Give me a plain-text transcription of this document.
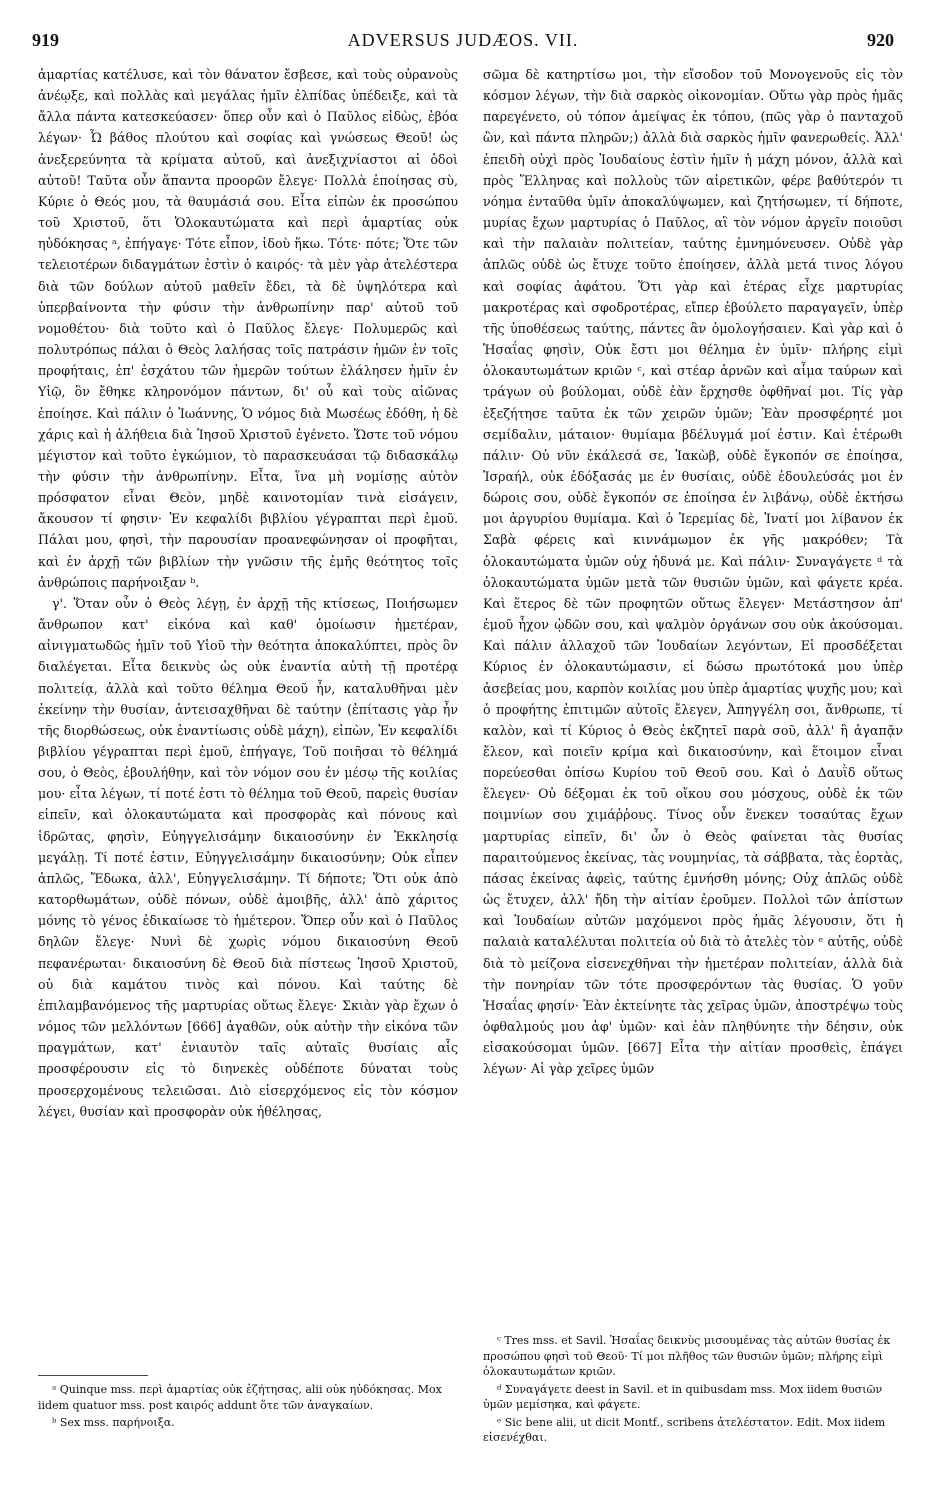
919	ADVERSUS JUDÆOS. VII.	920

ἁμαρτίας κατέλυσε, καὶ τὸν θάνατον ἔσβεσε, καὶ τοὺς οὐρανοὺς ἀνέῳξε, καὶ πολλὰς καὶ μεγάλας ἡμῖν ἐλπίδας ὑπέδειξε, καὶ τὰ ἄλλα πάντα κατεσκεύασεν· ὅπερ οὖν καὶ ὁ Παῦλος εἰδὼς, ἐβόα λέγων· Ὦ βάθος πλούτου καὶ σοφίας καὶ γνώσεως Θεοῦ! ὡς ἀνεξερεύνητα τὰ κρίματα αὐτοῦ, καὶ ἀνεξιχνίαστοι αἱ ὁδοὶ αὐτοῦ! Ταῦτα οὖν ἅπαντα προορῶν ἔλεγε· Πολλὰ ἐποίησας σὺ, Κύριε ὁ Θεός μου, τὰ θαυμάσιά σου. Εἶτα εἰπὼν ἐκ προσώπου τοῦ Χριστοῦ, ὅτι Ὁλοκαυτώματα καὶ περὶ ἁμαρτίας οὐκ ηὐδόκησας ᵃ, ἐπήγαγε· Τότε εἶπον, ἰδοὺ ἥκω. Τότε· πότε; Ὅτε τῶν τελειοτέρων διδαγμάτων ἐστὶν ὁ καιρός· τὰ μὲν γὰρ ἀτελέστερα διὰ τῶν δούλων αὐτοῦ μαθεῖν ἔδει, τὰ δὲ ὑψηλότερα καὶ ὑπερβαίνοντα τὴν φύσιν τὴν ἀνθρωπίνην παρ' αὐτοῦ τοῦ νομοθέτου· διὰ τοῦτο καὶ ὁ Παῦλος ἔλεγε· Πολυμερῶς καὶ πολυτρόπως πάλαι ὁ Θεὸς λαλήσας τοῖς πατράσιν ἡμῶν ἐν τοῖς προφήταις, ἐπ' ἐσχάτου τῶν ἡμερῶν τούτων ἐλάλησεν ἡμῖν ἐν Υἱῷ, ὃν ἔθηκε κληρονόμον πάντων, δι' οὗ καὶ τοὺς αἰῶνας ἐποίησε. Καὶ πάλιν ὁ Ἰωάννης, Ὁ νόμος διὰ Μωσέως ἐδόθη, ἡ δὲ χάρις καὶ ἡ ἀλήθεια διὰ Ἰησοῦ Χριστοῦ ἐγένετο. Ὥστε τοῦ νόμου μέγιστον καὶ τοῦτο ἐγκώμιον, τὸ παρασκευάσαι τῷ διδασκάλῳ τὴν φύσιν τὴν ἀνθρωπίνην. Εἶτα, ἵνα μὴ νομίσῃς αὐτὸν πρόσφατον εἶναι Θεὸν, μηδὲ καινοτομίαν τινὰ εἰσάγειν, ἄκουσον τί φησιν· Ἐν κεφαλίδι βιβλίου γέγραπται περὶ ἐμοῦ. Πάλαι μου, φησὶ, τὴν παρουσίαν προανεφώνησαν οἱ προφῆται, καὶ ἐν ἀρχῇ τῶν βιβλίων τὴν γνῶσιν τῆς ἐμῆς θεότητος τοῖς ἀνθρώποις παρήνοιξαν ᵇ.

γ'. Ὅταν οὖν ὁ Θεὸς λέγῃ, ἐν ἀρχῇ τῆς κτίσεως, Ποιήσωμεν ἄνθρωπον κατ' εἰκόνα καὶ καθ' ὁμοίωσιν ἡμετέραν, αἰνιγματωδῶς ἡμῖν τοῦ Υἱοῦ τὴν θεότητα ἀποκαλύπτει, πρὸς ὃν διαλέγεται. Εἶτα δεικνὺς ὡς οὐκ ἐναντία αὐτὴ τῇ προτέρᾳ πολιτείᾳ, ἀλλὰ καὶ τοῦτο θέλημα Θεοῦ ἦν, καταλυθῆναι μὲν ἐκείνην τὴν θυσίαν, ἀντεισαχθῆναι δὲ ταύτην (ἐπίτασις γὰρ ἦν τῆς διορθώσεως, οὐκ ἐναντίωσις οὐδὲ μάχη), εἰπὼν, Ἐν κεφαλίδι βιβλίου γέγραπται περὶ ἐμοῦ, ἐπήγαγε, Τοῦ ποιῆσαι τὸ θέλημά σου, ὁ Θεὸς, ἐβουλήθην, καὶ τὸν νόμον σου ἐν μέσῳ τῆς κοιλίας μου· εἶτα λέγων, τί ποτέ ἐστι τὸ θέλημα τοῦ Θεοῦ, παρεὶς θυσίαν εἰπεῖν, καὶ ὁλοκαυτώματα καὶ προσφορὰς καὶ πόνους καὶ ἱδρῶτας, φησὶν, Εὐηγγελισάμην δικαιοσύνην ἐν Ἐκκλησίᾳ μεγάλῃ. Τί ποτέ ἐστιν, Εὐηγγελισάμην δικαιοσύνην; Οὐκ εἶπεν ἁπλῶς, Ἔδωκα, ἀλλ', Εὐηγγελισάμην. Τί δήποτε; Ὅτι οὐκ ἀπὸ κατορθωμάτων, οὐδὲ πόνων, οὐδὲ ἀμοιβῆς, ἀλλ' ἀπὸ χάριτος μόνης τὸ γένος ἐδικαίωσε τὸ ἡμέτερον. Ὅπερ οὖν καὶ ὁ Παῦλος δηλῶν ἔλεγε· Νυνὶ δὲ χωρὶς νόμου δικαιοσύνη Θεοῦ πεφανέρωται· δικαιοσύνη δὲ Θεοῦ διὰ πίστεως Ἰησοῦ Χριστοῦ, οὐ διὰ καμάτου τινὸς καὶ πόνου. Καὶ ταύτης δὲ ἐπιλαμβανόμενος τῆς μαρτυρίας οὕτως ἔλεγε· Σκιὰν γὰρ ἔχων ὁ νόμος τῶν μελλόντων [666] ἀγαθῶν, οὐκ αὐτὴν τὴν εἰκόνα τῶν πραγμάτων, κατ' ἐνιαυτὸν ταῖς αὐταῖς θυσίαις αἷς προσφέρουσιν εἰς τὸ διηνεκὲς οὐδέποτε δύναται τοὺς προσερχομένους τελειῶσαι. Διὸ εἰσερχόμενος εἰς τὸν κόσμον λέγει, θυσίαν καὶ προσφορὰν οὐκ ἠθέλησας,

σῶμα δὲ κατηρτίσω μοι, τὴν εἴσοδον τοῦ Μονογενοῦς εἰς τὸν κόσμον λέγων, τὴν διὰ σαρκὸς οἰκονομίαν. Οὕτω γὰρ πρὸς ἡμᾶς παρεγένετο, οὐ τόπον ἀμείψας ἐκ τόπου, (πῶς γὰρ ὁ πανταχοῦ ὢν, καὶ πάντα πληρῶν;) ἀλλὰ διὰ σαρκὸς ἡμῖν φανερωθείς. Ἀλλ' ἐπειδὴ οὐχὶ πρὸς Ἰουδαίους ἐστὶν ἡμῖν ἡ μάχη μόνον, ἀλλὰ καὶ πρὸς Ἕλληνας καὶ πολλοὺς τῶν αἱρετικῶν, φέρε βαθύτερόν τι νόημα ἐνταῦθα ὑμῖν ἀποκαλύψωμεν, καὶ ζητήσωμεν, τί δήποτε, μυρίας ἔχων μαρτυρίας ὁ Παῦλος, αἳ τὸν νόμον ἀργεῖν ποιοῦσι καὶ τὴν παλαιὰν πολιτείαν, ταύτης ἐμνημόνευσεν. Οὐδὲ γὰρ ἁπλῶς οὐδὲ ὡς ἔτυχε τοῦτο ἐποίησεν, ἀλλὰ μετά τινος λόγου καὶ σοφίας ἀφάτου. Ὅτι γὰρ καὶ ἑτέρας εἶχε μαρτυρίας μακροτέρας καὶ σφοδροτέρας, εἴπερ ἐβούλετο παραγαγεῖν, ὑπὲρ τῆς ὑποθέσεως ταύτης, πάντες ἂν ὁμολογήσαιεν. Καὶ γὰρ καὶ ὁ Ἡσαΐας φησὶν, Οὐκ ἔστι μοι θέλημα ἐν ὑμῖν· πλήρης εἰμὶ ὁλοκαυτωμάτων κριῶν ᶜ, καὶ στέαρ ἀρνῶν καὶ αἷμα ταύρων καὶ τράγων οὐ βούλομαι, οὐδὲ ἐὰν ἔρχησθε ὀφθῆναί μοι. Τίς γὰρ ἐξεζήτησε ταῦτα ἐκ τῶν χειρῶν ὑμῶν; Ἐὰν προσφέρητέ μοι σεμίδαλιν, μάταιον· θυμίαμα βδέλυγμά μοί ἐστιν. Καὶ ἑτέρωθι πάλιν· Οὐ νῦν ἐκάλεσά σε, Ἰακὼβ, οὐδὲ ἔγκοπόν σε ἐποίησα, Ἰσραήλ, οὐκ ἐδόξασάς με ἐν θυσίαις, οὐδὲ ἐδουλεύσάς μοι ἐν δώροις σου, οὐδὲ ἔγκοπόν σε ἐποίησα ἐν λιβάνῳ, οὐδὲ ἐκτήσω μοι ἀργυρίου θυμίαμα. Καὶ ὁ Ἱερεμίας δὲ, Ἱνατί μοι λίβανον ἐκ Σαβὰ φέρεις καὶ κιννάμωμον ἐκ γῆς μακρόθεν; Τὰ ὁλοκαυτώματα ὑμῶν οὐχ ἡδυνά με. Καὶ πάλιν· Συναγάγετε ᵈ τὰ ὁλοκαυτώματα ὑμῶν μετὰ τῶν θυσιῶν ὑμῶν, καὶ φάγετε κρέα. Καὶ ἕτερος δὲ τῶν προφητῶν οὕτως ἔλεγεν· Μετάστησον ἀπ' ἐμοῦ ἦχον ᾠδῶν σου, καὶ ψαλμὸν ὀργάνων σου οὐκ ἀκούσομαι. Καὶ πάλιν ἀλλαχοῦ τῶν Ἰουδαίων λεγόντων, Εἰ προσδέξεται Κύριος ἐν ὁλοκαυτώμασιν, εἰ δώσω πρωτότοκά μου ὑπὲρ ἀσεβείας μου, καρπὸν κοιλίας μου ὑπὲρ ἁμαρτίας ψυχῆς μου; καὶ ὁ προφήτης ἐπιτιμῶν αὐτοῖς ἔλεγεν, Ἀπηγγέλη σοι, ἄνθρωπε, τί καλὸν, καὶ τί Κύριος ὁ Θεὸς ἐκζητεῖ παρὰ σοῦ, ἀλλ' ἢ ἀγαπᾷν ἔλεον, καὶ ποιεῖν κρίμα καὶ δικαιοσύνην, καὶ ἕτοιμον εἶναι πορεύεσθαι ὀπίσω Κυρίου τοῦ Θεοῦ σου. Καὶ ὁ Δαυῒδ οὕτως ἔλεγεν· Οὐ δέξομαι ἐκ τοῦ οἴκου σου μόσχους, οὐδὲ ἐκ τῶν ποιμνίων σου χιμάῤῥους. Τίνος οὖν ἕνεκεν τοσαύτας ἔχων μαρτυρίας εἰπεῖν, δι' ὧν ὁ Θεὸς φαίνεται τὰς θυσίας παραιτούμενος ἐκείνας, τὰς νουμηνίας, τὰ σάββατα, τὰς ἑορτὰς, πάσας ἐκείνας ἀφεὶς, ταύτης ἐμνήσθη μόνης; Οὐχ ἁπλῶς οὐδὲ ὡς ἔτυχεν, ἀλλ' ἤδη τὴν αἰτίαν ἐροῦμεν. Πολλοὶ τῶν ἀπίστων καὶ Ἰουδαίων αὐτῶν μαχόμενοι πρὸς ἡμᾶς λέγουσιν, ὅτι ἡ παλαιὰ καταλέλυται πολιτεία οὐ διὰ τὸ ἀτελὲς τὸν ᵉ αὐτῆς, οὐδὲ διὰ τὸ μείζονα εἰσενεχθῆναι τὴν ἡμετέραν πολιτείαν, ἀλλὰ διὰ τὴν πονηρίαν τῶν τότε προσφερόντων τὰς θυσίας. Ὁ γοῦν Ἡσαΐας φησίν· Ἐὰν ἐκτείνητε τὰς χεῖρας ὑμῶν, ἀποστρέψω τοὺς ὀφθαλμούς μου ἀφ' ὑμῶν· καὶ ἐὰν πληθύνητε τὴν δέησιν, οὐκ εἰσακούσομαι ὑμῶν. [667] Εἶτα τὴν αἰτίαν προσθεὶς, ἐπάγει λέγων· Αἱ γὰρ χεῖρες ὑμῶν

ᵃ Quinque mss. περὶ ἁμαρτίας οὐκ ἐζήτησας, alii οὐκ ηὐδόκησας. Mox iidem quatuor mss. post καιρός addunt ὅτε τῶν ἀναγκαίων.

ᵇ Sex mss. παρήνοιξα.

ᶜ Tres mss. et Savil. Ἡσαΐας δεικνὺς μισουμένας τὰς αὐτῶν θυσίας ἐκ προσώπου φησὶ τοῦ Θεοῦ· Τί μοι πλῆθος τῶν θυσιῶν ὑμῶν; πλήρης εἰμὶ ὁλοκαυτωμάτων κριῶν.

ᵈ Συναγάγετε deest in Savil. et in quibusdam mss. Mox iidem θυσιῶν ὑμῶν μεμίσηκα, καὶ φάγετε.

ᵉ Sic bene alii, ut dicit Montf., scribens ἀτελέστατον. Edit. Mox iidem εἰσενέχθαι.
